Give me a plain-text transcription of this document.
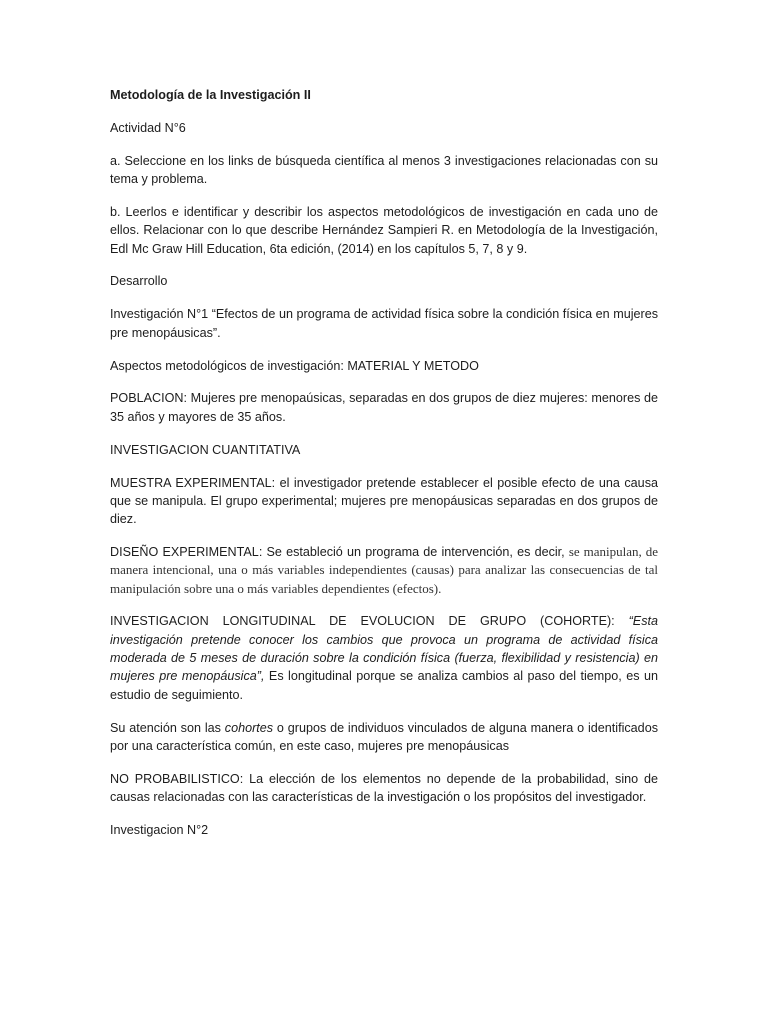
Metodología de la Investigación II

Actividad N°6

a. Seleccione en los links de búsqueda científica al menos 3 investigaciones relacionadas con su tema y problema.

b. Leerlos e identificar y describir los aspectos metodológicos de investigación en cada uno de ellos. Relacionar con lo que describe Hernández Sampieri R. en Metodología de la Investigación, Edl Mc Graw Hill Education, 6ta edición, (2014) en los capítulos 5, 7, 8 y 9.

Desarrollo

Investigación N°1 “Efectos de un programa de actividad física sobre la condición física en mujeres pre menopáusicas”.

Aspectos metodológicos de investigación: MATERIAL Y METODO

POBLACION: Mujeres pre menopaúsicas, separadas en dos grupos de diez mujeres: menores de 35 años y mayores de 35 años.

INVESTIGACION CUANTITATIVA

MUESTRA EXPERIMENTAL: el investigador pretende establecer el posible efecto de una causa que se manipula. El grupo experimental; mujeres pre menopáusicas separadas en dos grupos de diez.

DISEÑO EXPERIMENTAL: Se estableció un programa de intervención, es decir, se manipulan, de manera intencional, una o más variables independientes (causas) para analizar las consecuencias de tal manipulación sobre una o más variables dependientes (efectos).

INVESTIGACION LONGITUDINAL DE EVOLUCION DE GRUPO (COHORTE): “Esta investigación pretende conocer los cambios que provoca un programa de actividad física moderada de 5 meses de duración sobre la condición física (fuerza, flexibilidad y resistencia) en mujeres pre menopáusica”, Es longitudinal porque se analiza cambios al paso del tiempo, es un estudio de seguimiento.

Su atención son las cohortes o grupos de individuos vinculados de alguna manera o identificados por una característica común, en este caso, mujeres pre menopáusicas

NO PROBABILISTICO: La elección de los elementos no depende de la probabilidad, sino de causas relacionadas con las características de la investigación o los propósitos del investigador.

Investigacion N°2
